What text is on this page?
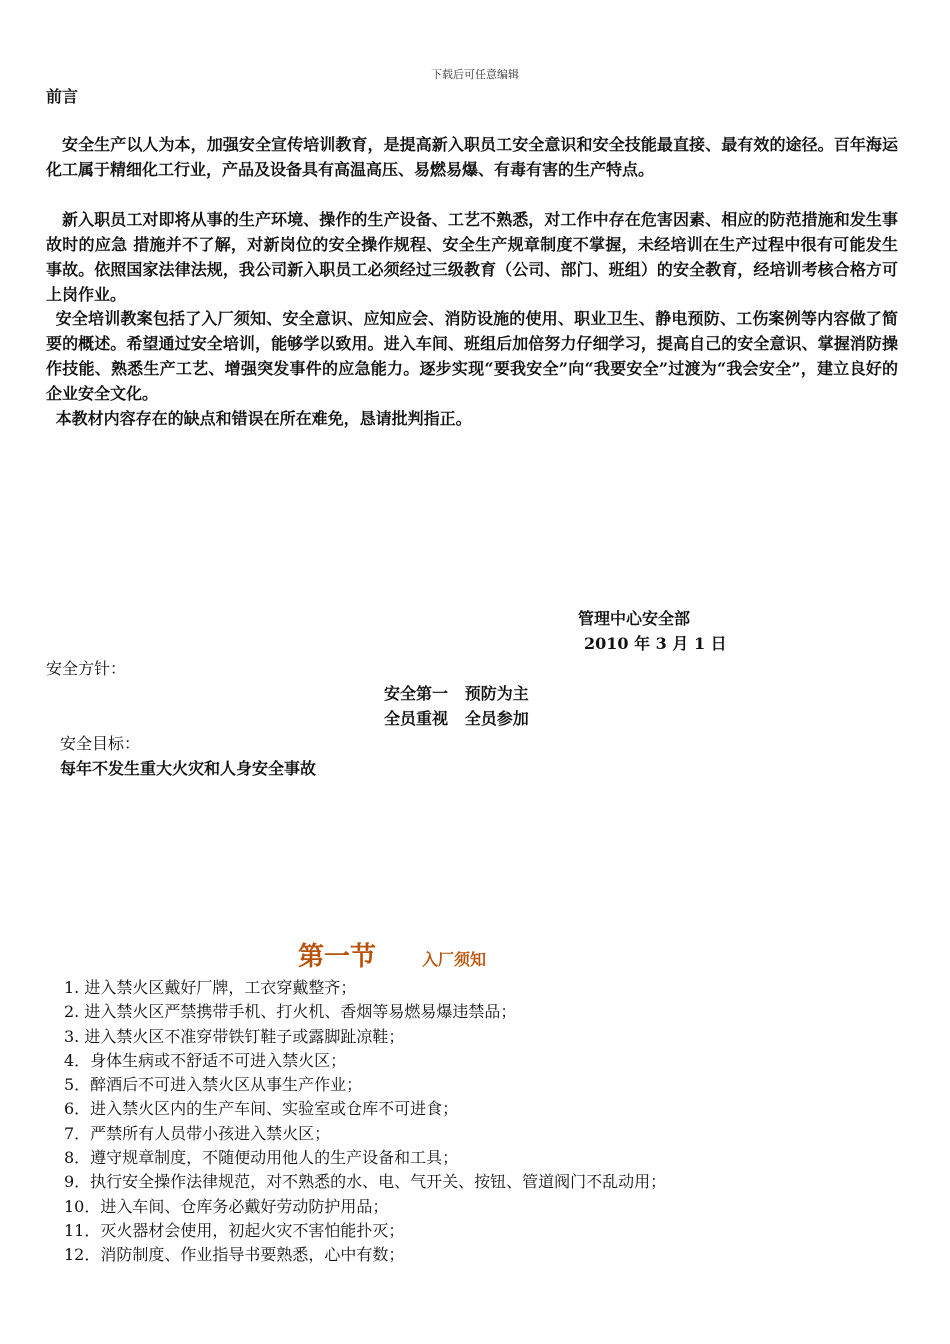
下载后可任意编辑
前言
安全生产以人为本，加强安全宣传培训教育，是提高新入职员工安全意识和安全技能最直接、最有效的途径。百年海运化工属于精细化工行业，产品及设备具有高温高压、易燃易爆、有毒有害的生产特点。
新入职员工对即将从事的生产环境、操作的生产设备、工艺不熟悉，对工作中存在危害因素、相应的防范措施和发生事故时的应急 措施并不了解，对新岗位的安全操作规程、安全生产规章制度不掌握，未经培训在生产过程中很有可能发生事故。依照国家法律法规，我公司新入职员工必须经过三级教育（公司、部门、班组）的安全教育，经培训考核合格方可上岗作业。
安全培训教案包括了入厂须知、安全意识、应知应会、消防设施的使用、职业卫生、静电预防、工伤案例等内容做了简要的概述。希望通过安全培训，能够学以致用。进入车间、班组后加倍努力仔细学习，提高自己的安全意识、掌握消防操作技能、熟悉生产工艺、增强突发事件的应急能力。逐步实现“要我安全”向“我要安全”过渡为“我会安全”，建立良好的企业安全文化。
本教材内容存在的缺点和错误在所在难免，恳请批判指正。
管理中心安全部
2010 年 3 月 1 日
安全方针：
安全第一   预防为主
全员重视   全员参加
安全目标：
每年不发生重大火灾和人身安全事故
第一节	入厂须知
1. 进入禁火区戴好厂牌，工衣穿戴整齐；
2. 进入禁火区严禁携带手机、打火机、香烟等易燃易爆违禁品；
3. 进入禁火区不准穿带铁钉鞋子或露脚趾凉鞋；
4．身体生病或不舒适不可进入禁火区；
5．醉酒后不可进入禁火区从事生产作业；
6．进入禁火区内的生产车间、实验室或仓库不可进食；
7．严禁所有人员带小孩进入禁火区；
8．遵守规章制度，不随便动用他人的生产设备和工具；
9．执行安全操作法律规范，对不熟悉的水、电、气开关、按钮、管道阀门不乱动用；
10．进入车间、仓库务必戴好劳动防护用品；
11．灭火器材会使用，初起火灾不害怕能扑灭；
12．消防制度、作业指导书要熟悉，心中有数；
